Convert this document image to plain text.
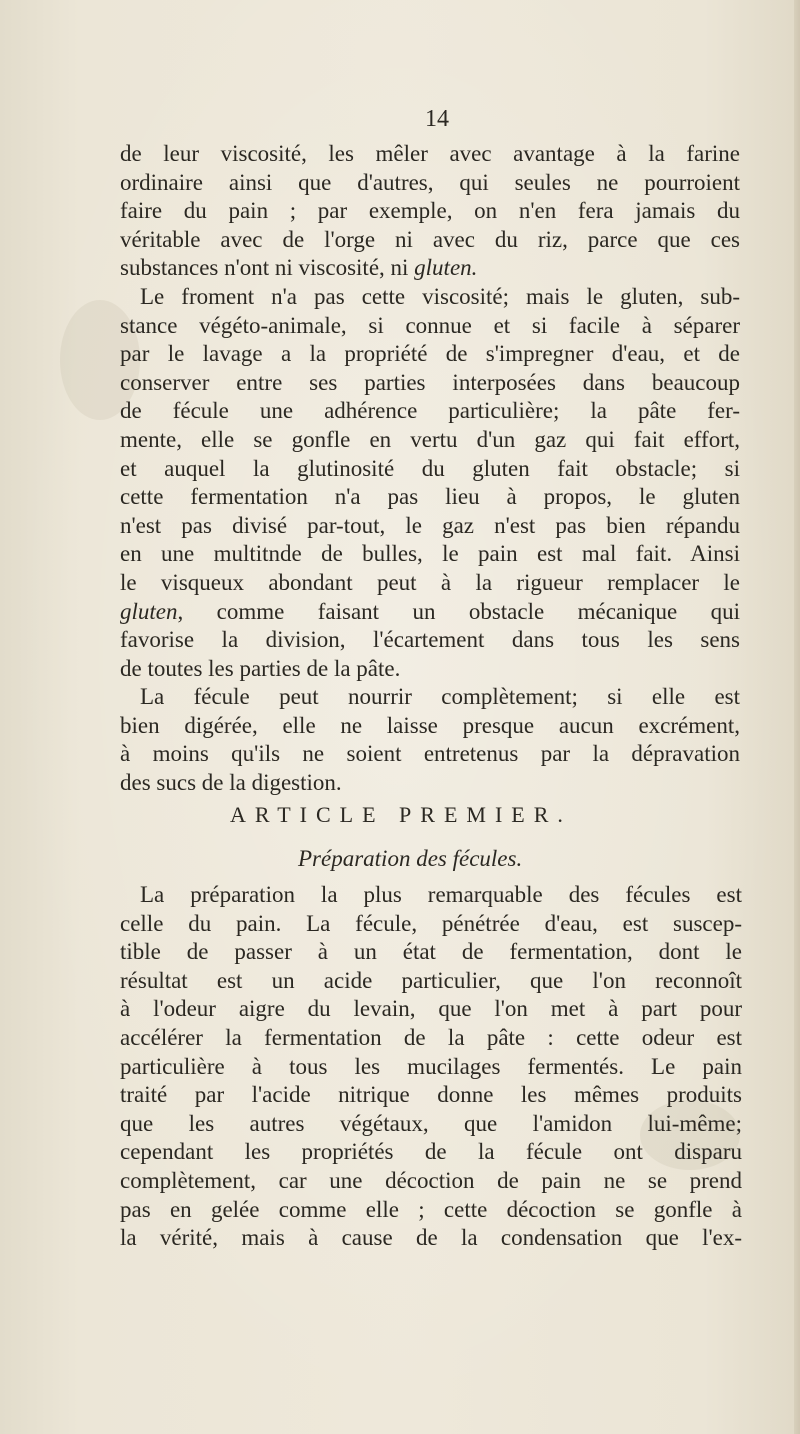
14
de leur viscosité, les mêler avec avantage à la farine
ordinaire ainsi que d'autres, qui seules ne pourroient
faire du pain ; par exemple, on n'en fera jamais du
véritable avec de l'orge ni avec du riz, parce que ces
substances n'ont ni viscosité, ni gluten.
Le froment n'a pas cette viscosité; mais le gluten, sub-
stance végéto-animale, si connue et si facile à séparer
par le lavage a la propriété de s'impregner d'eau, et de
conserver entre ses parties interposées dans beaucoup
de fécule une adhérence particulière; la pâte fer-
mente, elle se gonfle en vertu d'un gaz qui fait effort,
et auquel la glutinosité du gluten fait obstacle; si
cette fermentation n'a pas lieu à propos, le gluten
n'est pas divisé par-tout, le gaz n'est pas bien répandu
en une multitnde de bulles, le pain est mal fait. Ainsi
le visqueux abondant peut à la rigueur remplacer le
gluten, comme faisant un obstacle mécanique qui
favorise la division, l'écartement dans tous les sens
de toutes les parties de la pâte.
La fécule peut nourrir complètement; si elle est
bien digérée, elle ne laisse presque aucun excrément,
à moins qu'ils ne soient entretenus par la dépravation
des sucs de la digestion.
ARTICLE PREMIER.
Préparation des fécules.
La préparation la plus remarquable des fécules est
celle du pain. La fécule, pénétrée d'eau, est suscep-
tible de passer à un état de fermentation, dont le
résultat est un acide particulier, que l'on reconnoît
à l'odeur aigre du levain, que l'on met à part pour
accélérer la fermentation de la pâte : cette odeur est
particulière à tous les mucilages fermentés. Le pain
traité par l'acide nitrique donne les mêmes produits
que les autres végétaux, que l'amidon lui-même;
cependant les propriétés de la fécule ont disparu
complètement, car une décoction de pain ne se prend
pas en gelée comme elle ; cette décoction se gonfle à
la vérité, mais à cause de la condensation que l'ex-
